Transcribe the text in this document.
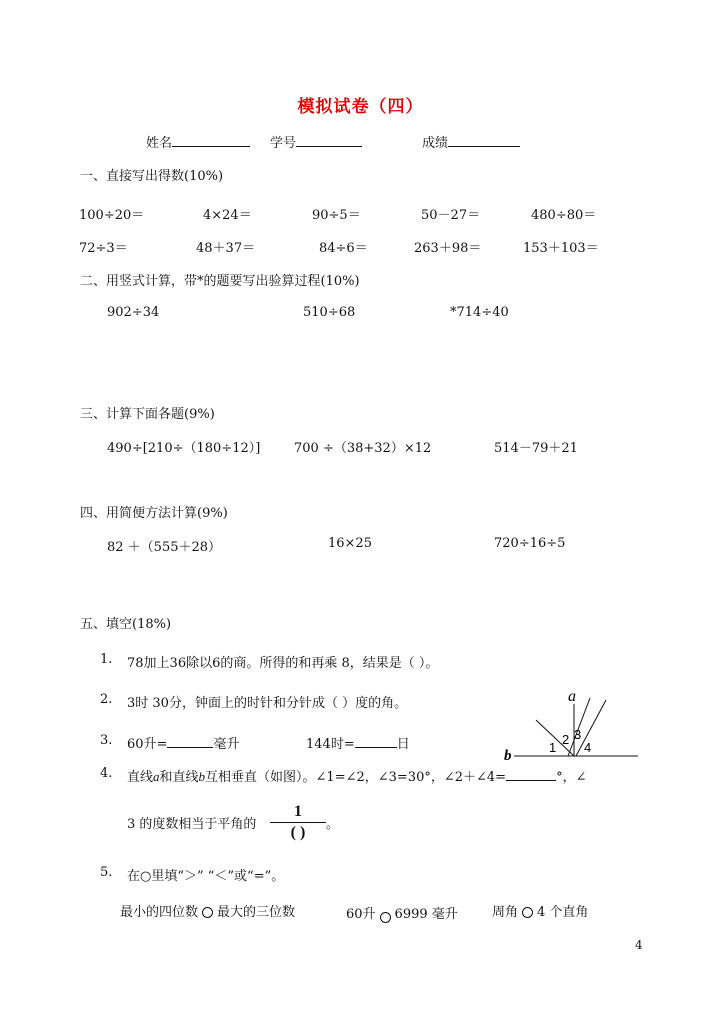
模拟试卷（四）
姓名	学号	成绩
一、直接写出得数(10%)
100÷20＝	4×24＝	90÷5＝	50－27＝	480÷80＝
72÷3＝	48＋37＝	84÷6＝	263＋98＝	153＋103＝
二、用竖式计算，带*的题要写出验算过程(10%)
902÷34	510÷68	*714÷40
三、计算下面各题(9%)
490÷[210÷（180÷12）]	700 ÷（38+32）×12	514－79＋21
四、用简便方法计算(9%)
82 ＋（555＋28）	16×25	720÷16÷5
五、填空(18%)
1. 78加上36除以6的商。所得的和再乘 8，结果是（ ）。
2. 3时 30分，钟面上的时针和分针成（ ）度的角。
3. 60升=	毫升	144时=	日
4. 直线a和直线b互相垂直（如图）。∠1=∠2，∠3=30°，∠2＋∠4=	°，∠
3 的度数相当于平角的
1
( )	。
5. 在○里填“＞” “＜”或“=”。
最小的四位数 最大的三位数	60升 6999 毫升	周角 4 个直角
a
b
1
2 3
4
4
